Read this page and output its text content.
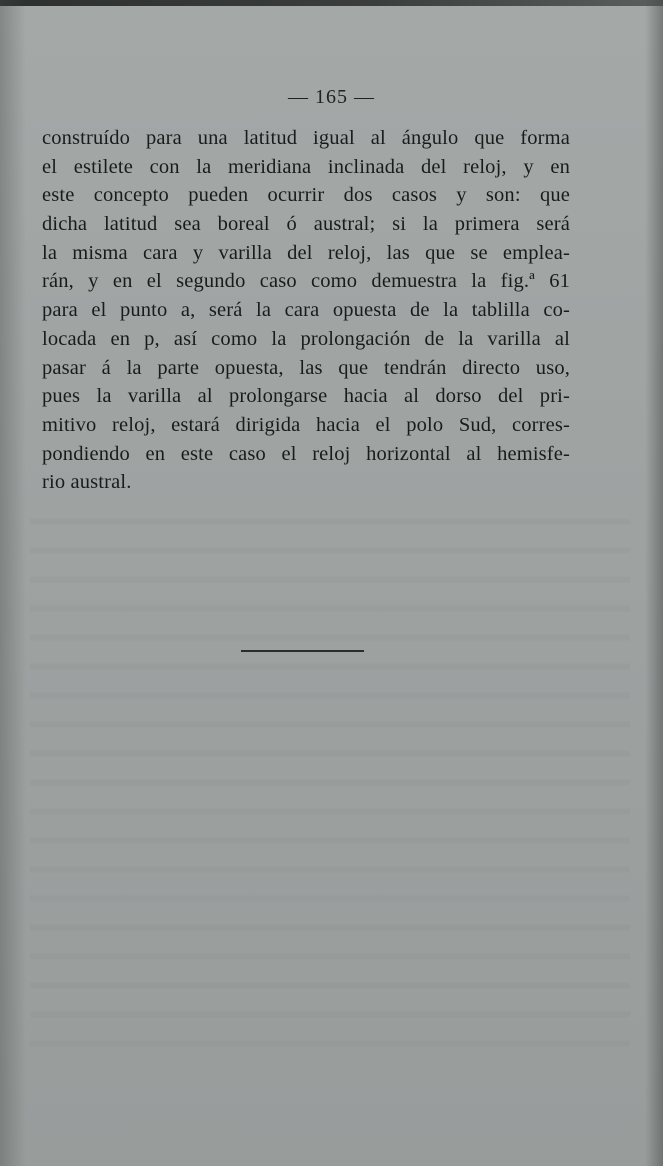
— 165 —
construído para una latitud igual al ángulo que forma
el estilete con la meridiana inclinada del reloj, y en
este concepto pueden ocurrir dos casos y son: que
dicha latitud sea boreal ó austral; si la primera será
la misma cara y varilla del reloj, las que se emplea-
rán, y en el segundo caso como demuestra la fig.ª 61
para el punto a, será la cara opuesta de la tablilla co-
locada en p, así como la prolongación de la varilla al
pasar á la parte opuesta, las que tendrán directo uso,
pues la varilla al prolongarse hacia al dorso del pri-
mitivo reloj, estará dirigida hacia el polo Sud, corres-
pondiendo en este caso el reloj horizontal al hemisfe-
rio austral.
